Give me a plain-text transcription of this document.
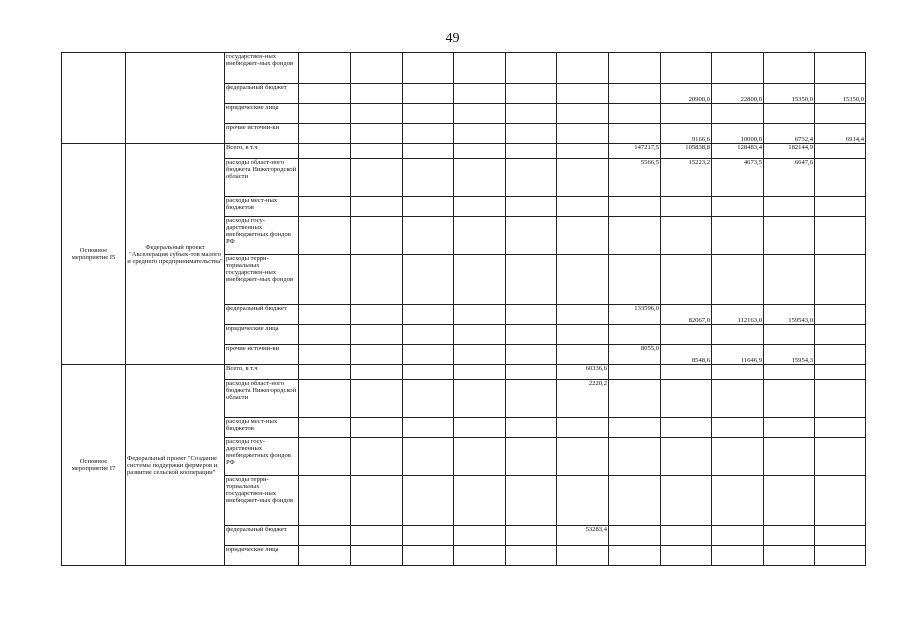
49
		государствен-ных внебюджет-ных фондов											
		федеральный бюджет								20900,0	22800,0	15350,0	15350,0
		юридические лица											
		прочие источни-ки								9166,6	10000,0	6732,4	6914,4
Основное мероприятие I5	Федеральный проект "Акселерация субъек-тов малого и среднего предпринимательства"	Всего, в т.ч							147217,5	105838,8	128483,4	182144,9	
		расходы област-ного бюджета Нижегородской области							5566,5	15223,2	4673,5	6647,6	
		расходы мест-ных бюджетов											
		расходы госу-дарственных внебюджетных фондов РФ											
		расходы терри-ториальных государствен-ных внебюджет-ных фондов											
		федеральный бюджет							133596,0	82067,0	112163,0	159543,0	
		юридические лица											
		прочие источни-ки							8055,0	8548,6	11646,9	15954,3	
Основное мероприятие I7	Федеральный проект "Создание системы поддержки фермеров и развитие сельской кооперации"	Всего, в т.ч						60336,6					
		расходы област-ного бюджета Нижегородской области						2220,2					
		расходы мест-ных бюджетов											
		расходы госу-дарственных внебюджетных фондов РФ											
		расходы терри-ториальных государствен-ных внебюджет-ных фондов											
		федеральный бюджет						53283,4					
		юридические лица											
